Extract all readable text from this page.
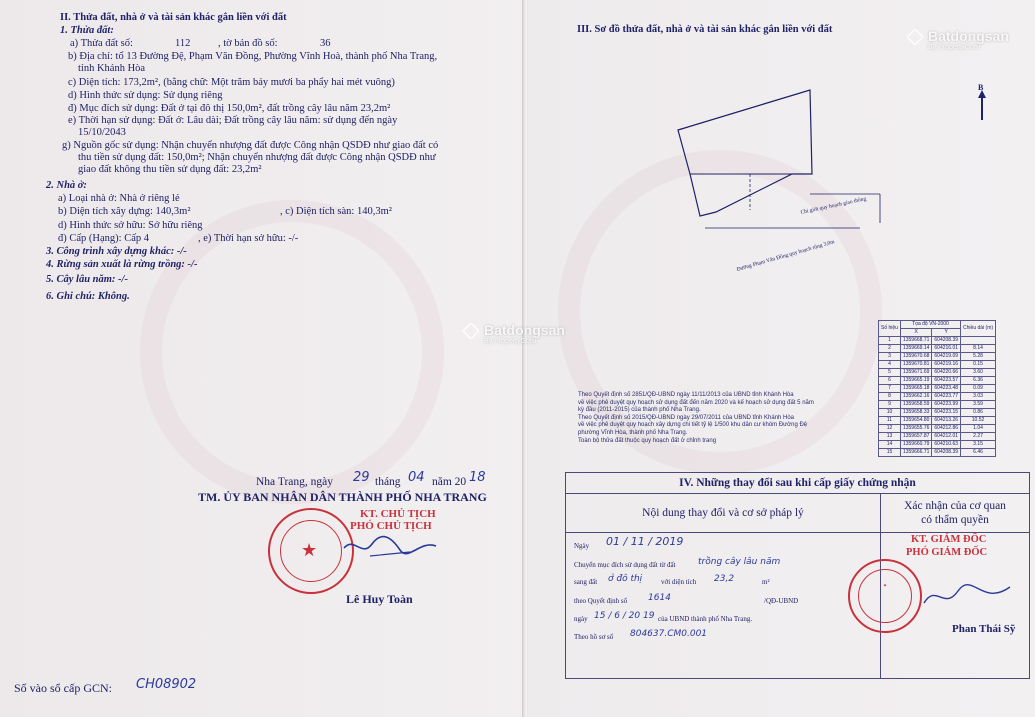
II. Thửa đất, nhà ở và tài sản khác gắn liền với đất
1. Thửa đất:
a) Thửa đất số:	112	, tờ bản đồ số:	36
b) Địa chỉ: tổ 13 Đường Đệ, Phạm Văn Đồng, Phường Vĩnh Hoà, thành phố Nha Trang,
tỉnh Khánh Hòa
c) Diện tích: 173,2m², (bằng chữ: Một trăm bảy mươi ba phẩy hai mét vuông)
d) Hình thức sử dụng: Sử dụng riêng
đ) Mục đích sử dụng: Đất ở tại đô thị 150,0m², đất trồng cây lâu năm 23,2m²
e) Thời hạn sử dụng: Đất ở: Lâu dài; Đất trồng cây lâu năm: sử dụng đến ngày
15/10/2043
g) Nguồn gốc sử dụng: Nhận chuyển nhượng đất được Công nhận QSDĐ như giao đất có
thu tiền sử dụng đất: 150,0m²; Nhận chuyển nhượng đất được Công nhận QSDĐ như
giao đất không thu tiền sử dụng đất: 23,2m²
2. Nhà ở:
a) Loại nhà ở: Nhà ở riêng lẻ
b) Diện tích xây dựng: 140,3m²	, c) Diện tích sàn: 140,3m²
d) Hình thức sở hữu: Sở hữu riêng
đ) Cấp (Hạng): Cấp 4	, e) Thời hạn sở hữu: -/-
3. Công trình xây dựng khác: -/-
4. Rừng sản xuất là rừng trồng: -/-
5. Cây lâu năm: -/-
6. Ghi chú: Không.
Nha Trang, ngày 29 tháng 04 năm 20 18
TM. ỦY BAN NHÂN DÂN THÀNH PHỐ NHA TRANG
★
KT. CHỦ TỊCH
PHÓ CHỦ TỊCH
Lê Huy Toàn
Số vào sổ cấp GCN: CH08902
III. Sơ đồ thửa đất, nhà ở và tài sản khác gắn liền với đất
B
Chỉ giới quy hoạch giao thông
Đường Phạm Văn Đồng quy hoạch rộng 3,0m
Số hiệu	Tọa độ VN-2000		Chiều dài (m)
	X	Y	
1	1359668.71	604208.39	
2	1359669.14	604216.01	8.14
3	1359670.68	604219.09	5.28
4	1359670.81	604219.16	0.15
5	1359671.69	604220.66	3.60
6	1359665.19	604223.57	6.36
7	1359665.18	604223.48	0.09
8	1359662.16	604223.77	3.03
9	1359658.59	604223.99	3.59
10	1359658.33	604223.15	0.86
11	1359654.80	604213.26	10.52
12	1359655.76	604212.86	1.04
13	1359657.87	604212.01	2.27
14	1359660.79	604210.63	3.15
15	1359666.71	604208.39	6.46
Theo Quyết định số 2851/QĐ-UBND ngày 11/11/2013 của UBND tỉnh Khánh Hòa
về việc phê duyệt quy hoạch sử dụng đất đến năm 2020 và kế hoạch sử dụng đất 5 năm
kỳ đầu (2011-2015) của thành phố Nha Trang.
Theo Quyết định số 2015/QĐ-UBND ngày 29/07/2011 của UBND tỉnh Khánh Hòa
về việc phê duyệt quy hoạch xây dựng chi tiết tỷ lệ 1/500 khu dân cư khóm Đường Đệ
phường Vĩnh Hòa, thành phố Nha Trang.
Toàn bộ thửa đất thuộc quy hoạch đất ở chỉnh trang
IV. Những thay đổi sau khi cấp giấy chứng nhận
Nội dung thay đổi và cơ sở pháp lý
Xác nhận của cơ quan
có thẩm quyền
Ngày 01 / 11 / 2019
Chuyển mục đích sử dụng đất từ đất	trồng cây lâu năm
sang đất ở đô thị	với diện tích 23,2	m²
theo Quyết định số 1614	/QĐ-UBND
ngày 15 / 6 / 20 19 của UBND thành phố Nha Trang.
Theo hồ sơ số 804637.CM0.001
KT. GIÁM ĐỐC
PHÓ GIÁM ĐỐC
✦
Phan Thái Sỹ
Batdongsan
By PropertyGuru
Batdongsan
By PropertyGuru
